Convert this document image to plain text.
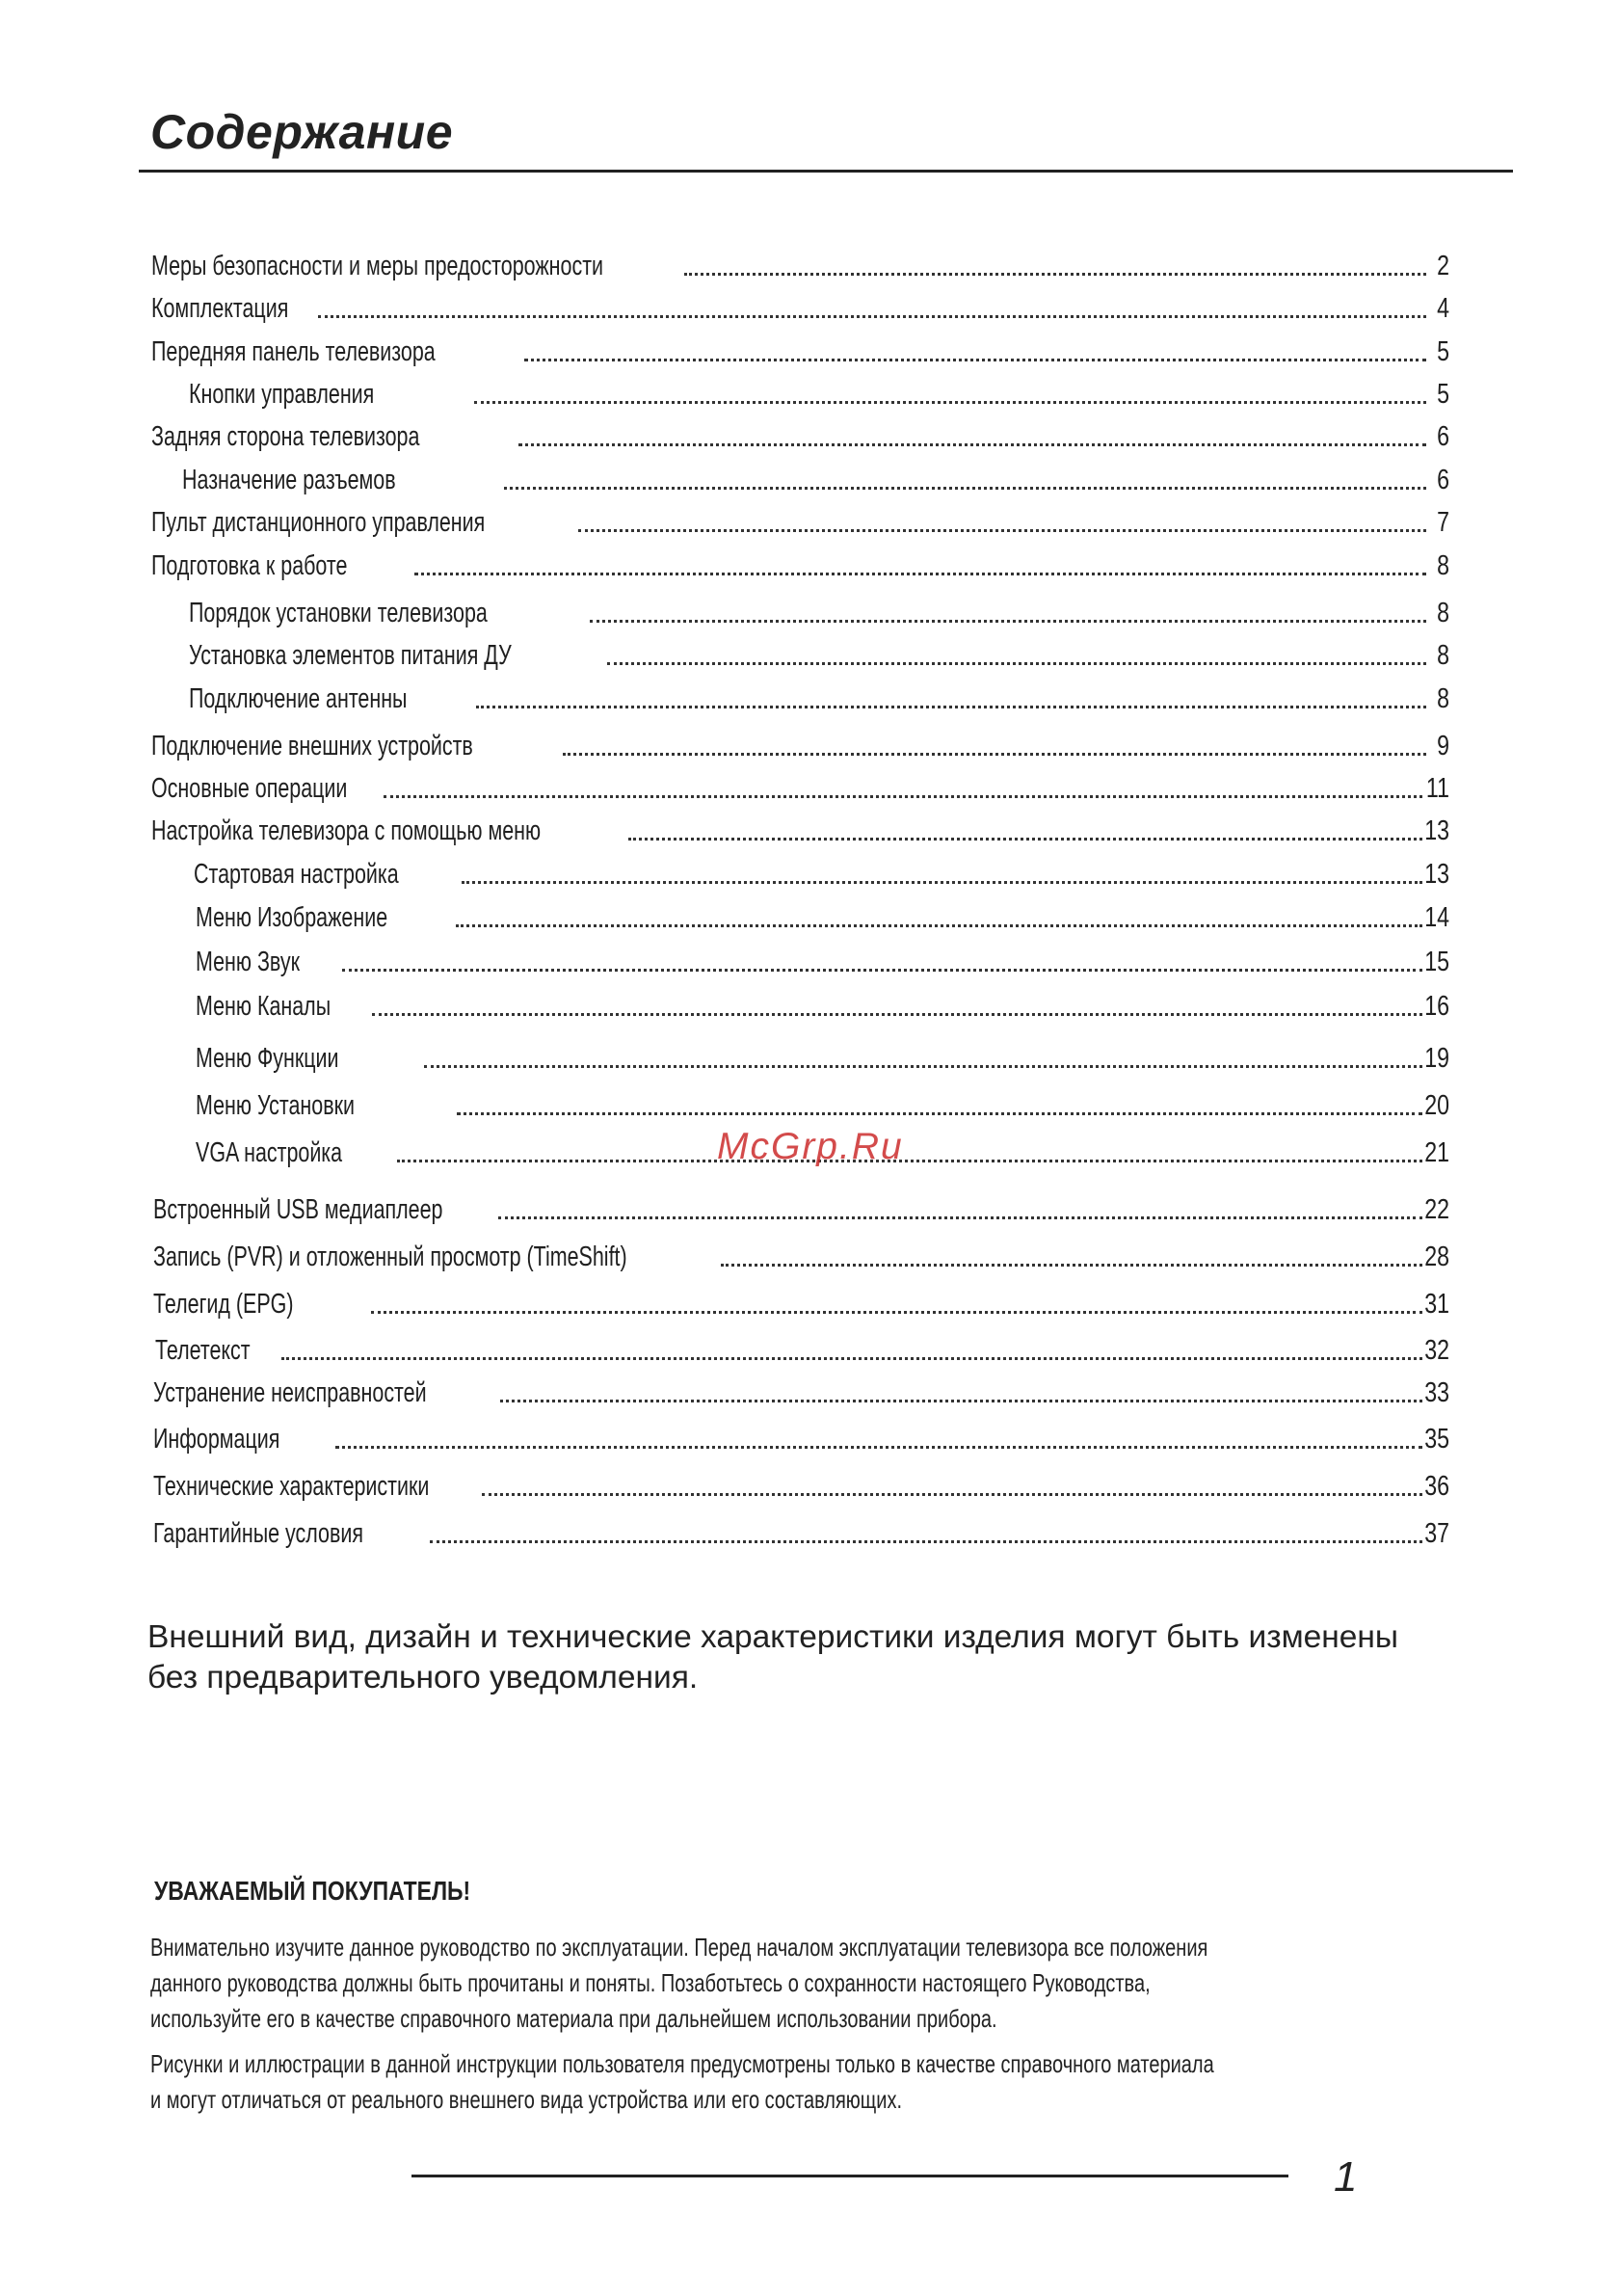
Содержание
Меры безопасности и меры предосторожности	2
Комплектация	4
Передняя панель телевизора	5
Кнопки управления	5
Задняя сторона телевизора	6
Назначение разъемов	6
Пульт дистанционного управления	7
Подготовка к работе	8
Порядок установки телевизора	8
Установка элементов питания ДУ	8
Подключение антенны	8
Подключение внешних устройств	9
Основные операции	11
Настройка телевизора с помощью меню	13
Стартовая настройка	13
Меню Изображение	14
Меню Звук	15
Меню Каналы	16
Меню Функции	19
Меню Установки	20
VGA настройка	21
Встроенный USB медиаплеер	22
Запись (PVR) и отложенный просмотр (TimeShift)	28
Телегид (EPG)	31
Телетекст	32
Устранение неисправностей	33
Информация	35
Технические характеристики	36
Гарантийные условия	37
McGrp.Ru

Внешний вид, дизайн и технические характеристики изделия могут быть изменены

без предварительного уведомления.

УВАЖАЕМЫЙ ПОКУПАТЕЛЬ!
Внимательно изучите данное руководство по эксплуатации. Перед началом эксплуатации телевизора все положения
данного руководства должны быть прочитаны и поняты. Позаботьтесь о сохранности настоящего Руководства,
используйте его в качестве справочного материала при дальнейшем использовании прибора.
Рисунки и иллюстрации в данной инструкции пользователя предусмотрены только в качестве справочного материала
и могут отличаться от реального внешнего вида устройства или его составляющих.
1
